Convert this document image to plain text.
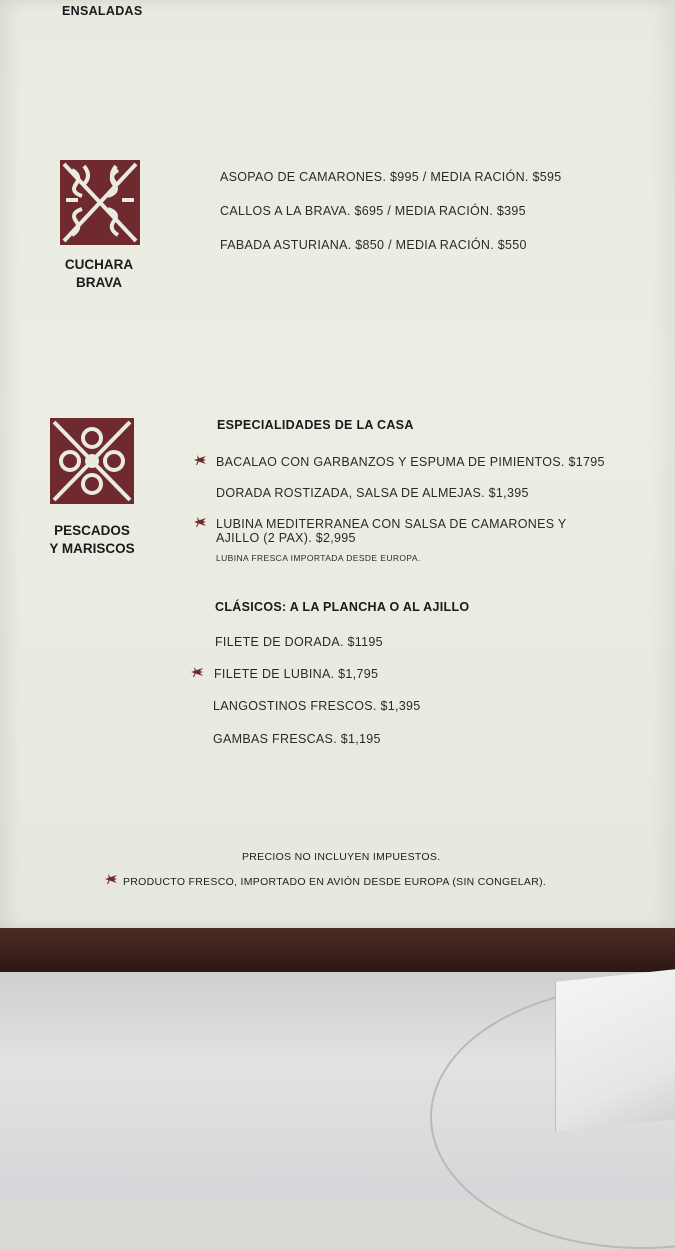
ENSALADAS
CUCHARA
BRAVA
ASOPAO DE CAMARONES. $995 / MEDIA RACIÓN. $595
CALLOS A LA BRAVA. $695 / MEDIA RACIÓN. $395
FABADA ASTURIANA. $850 / MEDIA RACIÓN. $550
PESCADOS
Y MARISCOS
ESPECIALIDADES DE LA CASA
BACALAO CON GARBANZOS Y ESPUMA DE PIMIENTOS. $1795
DORADA ROSTIZADA, SALSA DE ALMEJAS. $1,395
LUBINA MEDITERRANEA CON SALSA DE CAMARONES Y
AJILLO (2 PAX). $2,995
LUBINA FRESCA IMPORTADA DESDE EUROPA.
CLÁSICOS: A LA PLANCHA O AL AJILLO
FILETE DE DORADA. $1195
FILETE DE LUBINA. $1,795
LANGOSTINOS FRESCOS. $1,395
GAMBAS FRESCAS. $1,195
PRECIOS NO INCLUYEN IMPUESTOS.
PRODUCTO FRESCO, IMPORTADO EN AVIÓN DESDE EUROPA (SIN CONGELAR).
